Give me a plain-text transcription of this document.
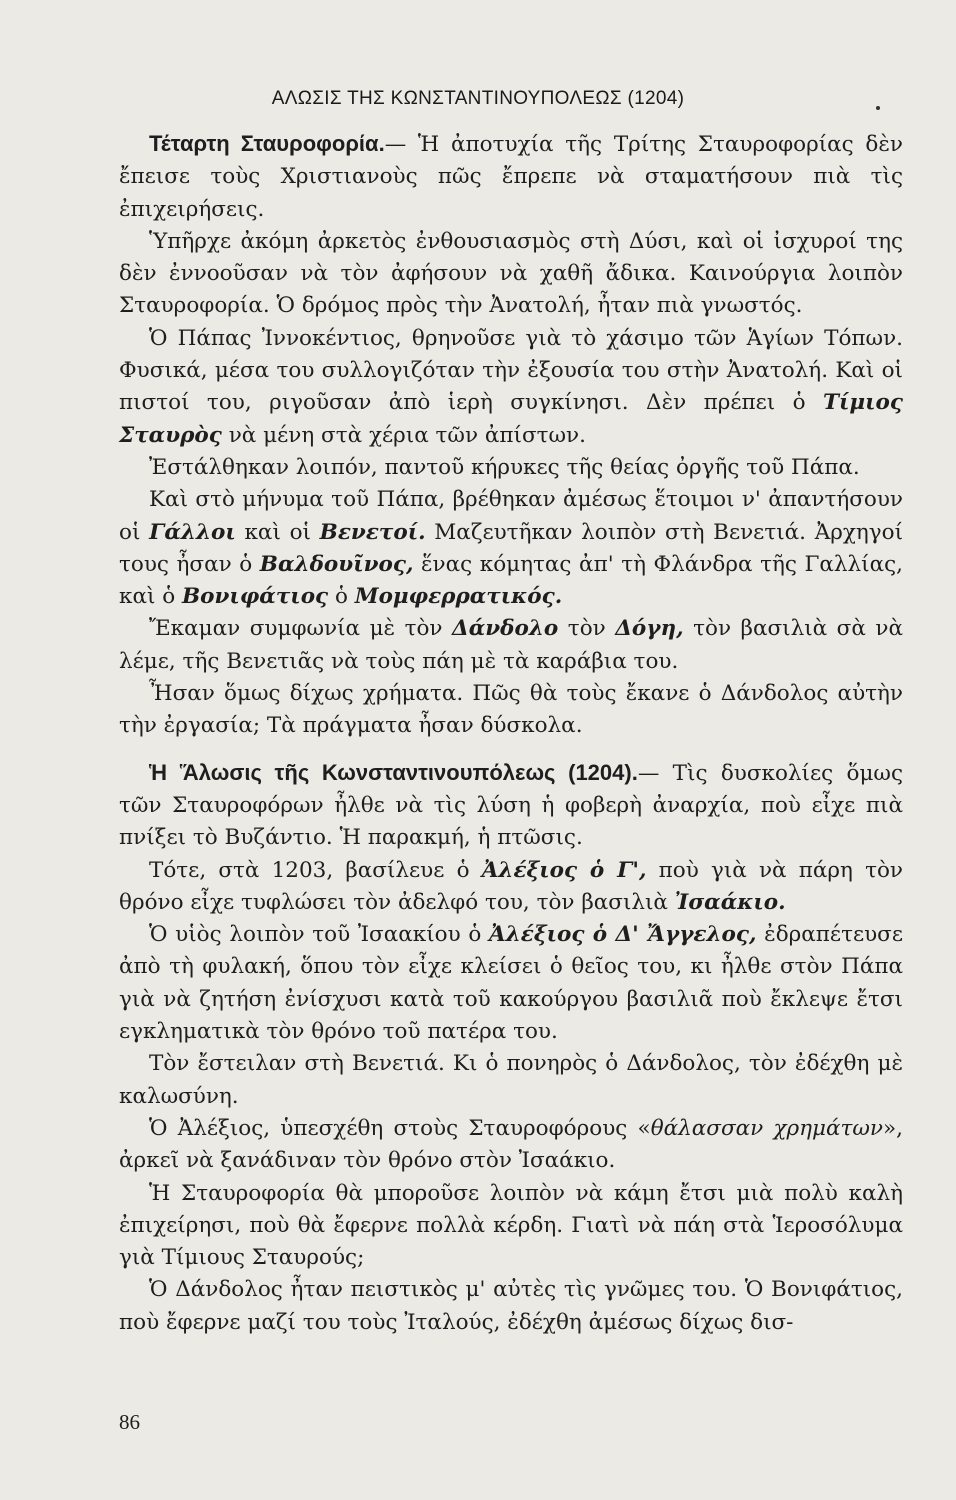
ΑΛΩΣΙΣ ΤΗΣ ΚΩΝΣΤΑΝΤΙΝΟΥΠΟΛΕΩΣ (1204)

Τέταρτη Σταυροφορία.— Ἡ ἀποτυχία τῆς Τρίτης Σταυροφορίας δὲν ἔπεισε τοὺς Χριστιανοὺς πῶς ἔπρεπε νὰ σταματήσουν πιὰ τὶς ἐπιχειρήσεις.

Ὑπῆρχε ἀκόμη ἀρκετὸς ἐνθουσιασμὸς στὴ Δύσι, καὶ οἱ ἰσχυροί της δὲν ἐννοοῦσαν νὰ τὸν ἀφήσουν νὰ χαθῆ ἄδικα. Καινούργια λοιπὸν Σταυροφορία. Ὁ δρόμος πρὸς τὴν Ἀνατολή, ἦταν πιὰ γνωστός.

Ὁ Πάπας Ἰννοκέντιος, θρηνοῦσε γιὰ τὸ χάσιμο τῶν Ἁγίων Τόπων. Φυσικά, μέσα του συλλογιζόταν τὴν ἐξουσία του στὴν Ἀνατολή. Καὶ οἱ πιστοί του, ριγοῦσαν ἀπὸ ἱερὴ συγκίνησι. Δὲν πρέπει ὁ Τίμιος Σταυρὸς νὰ μένη στὰ χέρια τῶν ἀπίστων.

Ἐστάλθηκαν λοιπόν, παντοῦ κήρυκες τῆς θείας ὀργῆς τοῦ Πάπα.

Καὶ στὸ μήνυμα τοῦ Πάπα, βρέθηκαν ἀμέσως ἕτοιμοι ν' ἀπαντήσουν οἱ Γάλλοι καὶ οἱ Βενετοί. Μαζευτῆκαν λοιπὸν στὴ Βενετιά. Ἀρχηγοί τους ἦσαν ὁ Βαλδουῖνος, ἕνας κόμητας ἀπ' τὴ Φλάνδρα τῆς Γαλλίας, καὶ ὁ Βονιφάτιος ὁ Μομφερρατικός.

Ἔκαμαν συμφωνία μὲ τὸν Δάνδολο τὸν Δόγη, τὸν βασιλιὰ σὰ νὰ λέμε, τῆς Βενετιᾶς νὰ τοὺς πάη μὲ τὰ καράβια του.

Ἦσαν ὅμως δίχως χρήματα. Πῶς θὰ τοὺς ἔκανε ὁ Δάνδολος αὐτὴν τὴν ἐργασία; Τὰ πράγματα ἦσαν δύσκολα.

Ἡ Ἅλωσις τῆς Κωνσταντινουπόλεως (1204).— Τὶς δυσκολίες ὅμως τῶν Σταυροφόρων ἦλθε νὰ τὶς λύση ἡ φοβερὴ ἀναρχία, ποὺ εἶχε πιὰ πνίξει τὸ Βυζάντιο. Ἡ παρακμή, ἡ πτῶσις.

Τότε, στὰ 1203, βασίλευε ὁ Ἀλέξιος ὁ Γ', ποὺ γιὰ νὰ πάρη τὸν θρόνο εἶχε τυφλώσει τὸν ἀδελφό του, τὸν βασιλιὰ Ἰσαάκιο.

Ὁ υἱὸς λοιπὸν τοῦ Ἰσαακίου ὁ Ἀλέξιος ὁ Δ' Ἄγγελος, ἐδραπέτευσε ἀπὸ τὴ φυλακή, ὅπου τὸν εἶχε κλείσει ὁ θεῖος του, κι ἦλθε στὸν Πάπα γιὰ νὰ ζητήση ἐνίσχυσι κατὰ τοῦ κακούργου βασιλιᾶ ποὺ ἔκλεψε ἔτσι εγκληματικὰ τὸν θρόνο τοῦ πατέρα του.

Τὸν ἔστειλαν στὴ Βενετιά. Κι ὁ πονηρὸς ὁ Δάνδολος, τὸν ἐδέχθη μὲ καλωσύνη.

Ὁ Ἀλέξιος, ὑπεσχέθη στοὺς Σταυροφόρους «θάλασσαν χρημάτων», ἀρκεῖ νὰ ξανάδιναν τὸν θρόνο στὸν Ἰσαάκιο.

Ἡ Σταυροφορία θὰ μποροῦσε λοιπὸν νὰ κάμη ἔτσι μιὰ πολὺ καλὴ ἐπιχείρησι, ποὺ θὰ ἔφερνε πολλὰ κέρδη. Γιατὶ νὰ πάη στὰ Ἱεροσόλυμα γιὰ Τίμιους Σταυρούς;

Ὁ Δάνδολος ἦταν πειστικὸς μ' αὐτὲς τὶς γνῶμες του. Ὁ Βονιφάτιος, ποὺ ἔφερνε μαζί του τοὺς Ἰταλούς, ἐδέχθη ἀμέσως δίχως δισ-

86
